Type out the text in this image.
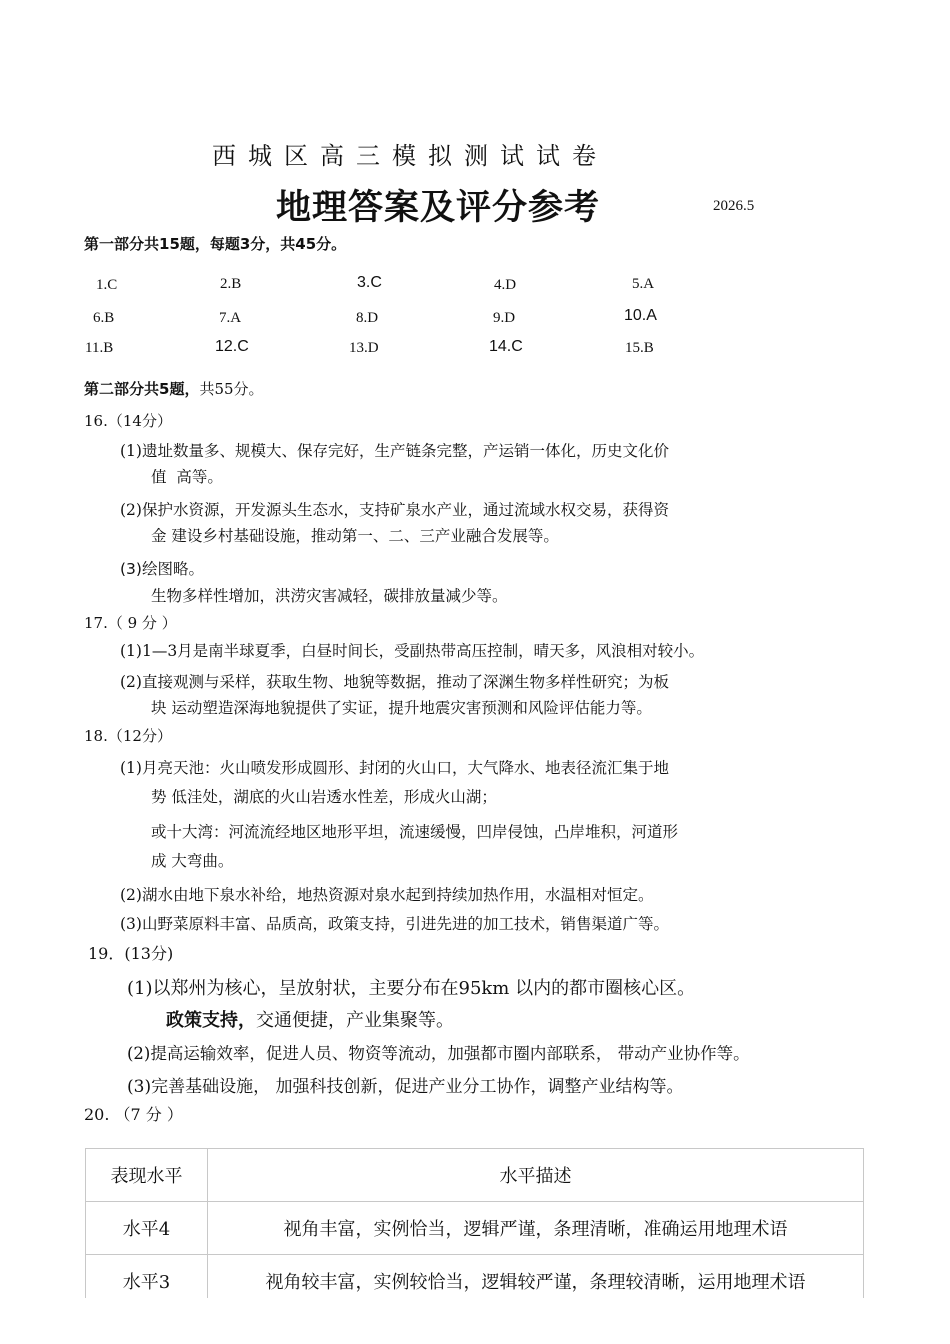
西城区高三模拟测试试卷
地理答案及评分参考	2026.5
第一部分共15题，每题3分，共45分。
1.C	2.B	3.C	4.D	5.A
6.B	7.A	8.D	9.D	10.A
11.B	12.C	13.D	14.C	15.B
第二部分共5题，共55分。
16.（14分）
(1)遗址数量多、规模大、保存完好，生产链条完整，产运销一体化，历史文化价
值 高等。
(2)保护水资源，开发源头生态水，支持矿泉水产业，通过流域水权交易，获得资
金 建设乡村基础设施，推动第一、二、三产业融合发展等。
(3)绘图略。
生物多样性增加，洪涝灾害减轻，碳排放量减少等。
17.（ 9 分 ）
(1)1—3月是南半球夏季，白昼时间长，受副热带高压控制，晴天多，风浪相对较小。
(2)直接观测与采样，获取生物、地貌等数据，推动了深渊生物多样性研究；为板
块 运动塑造深海地貌提供了实证，提升地震灾害预测和风险评估能力等。
18.（12分）
(1)月亮天池：火山喷发形成圆形、封闭的火山口，大气降水、地表径流汇集于地
势 低洼处，湖底的火山岩透水性差，形成火山湖；
或十大湾：河流流经地区地形平坦，流速缓慢，凹岸侵蚀，凸岸堆积，河道形
成 大弯曲。
(2)湖水由地下泉水补给，地热资源对泉水起到持续加热作用，水温相对恒定。
(3)山野菜原料丰富、品质高，政策支持，引进先进的加工技术，销售渠道广等。
19．(13分)
(1)以郑州为核心，呈放射状，主要分布在95km 以内的都市圈核心区。
政策支持，交通便捷，产业集聚等。
(2)提高运输效率，促进人员、物资等流动，加强都市圈内部联系， 带动产业协作等。
(3)完善基础设施， 加强科技创新，促进产业分工协作，调整产业结构等。
20. （7 分 ）
表现水平	水平描述
水平4	视角丰富，实例恰当，逻辑严谨，条理清晰，准确运用地理术语
水平3	视角较丰富，实例较恰当，逻辑较严谨，条理较清晰，运用地理术语
